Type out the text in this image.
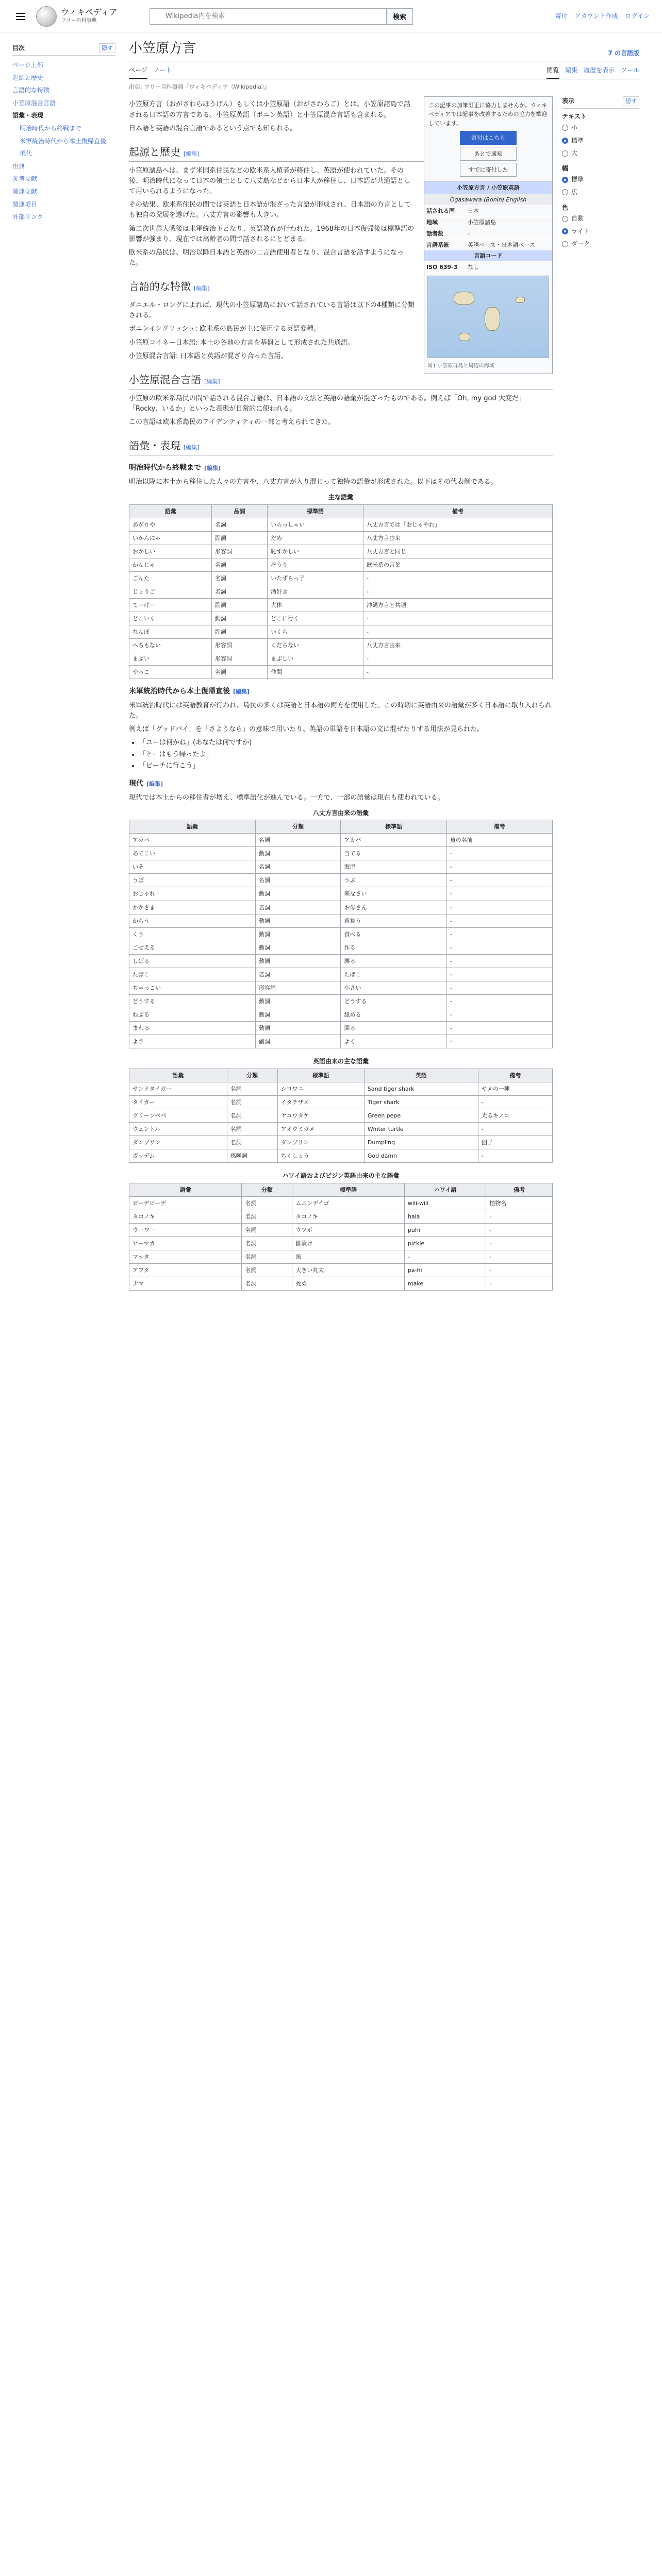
ウィキペディア
フリー百科事典
Wikipedia内を検索	検索	寄付 アカウント作成 ログイン
目次	隠す
ページ上部
起源と歴史
言語的な特徴
小笠原混合言語
語彙・表現
明治時代から終戦まで
米軍統治時代から本土復帰直後
現代
出典
参考文献
関連文献
関連項目
外部リンク
小笠原方言	7 の言語版
ページ ノート	閲覧 編集 履歴を表示 ツール
出典: フリー百科事典『ウィキペディア（Wikipedia）』
この記事の加筆訂正に協力しませんか。ウィキペディアでは記事を改善するための協力を歓迎しています。
寄付はこちら
あとで通知
すでに寄付した
小笠原方言 / 小笠原英語
Ogasawara (Bonin) English
話される国	日本
地域	小笠原諸島
話者数	-
言語系統	英語ベース・日本語ベース
言語コード
ISO 639-3	なし
図1 小笠原群島と周辺の海域

小笠原方言（おがさわらほうげん）もしくは小笠原語（おがさわらご）とは、小笠原諸島で話される日本語の方言である。小笠原英語（ボニン英語）と小笠原混合言語も含まれる。

日本語と英語の混合言語であるという点でも知られる。

起源と歴史 [編集]

小笠原諸島へは、まず米国系住民などの欧米系入植者が移住し、英語が使われていた。その後、明治時代になって日本の領土として八丈島などから日本人が移住し、日本語が共通語として用いられるようになった。

その結果、欧米系住民の間では英語と日本語が混ざった言語が形成され、日本語の方言としても独自の発展を遂げた。八丈方言の影響も大きい。

第二次世界大戦後は米軍統治下となり、英語教育が行われた。1968年の日本復帰後は標準語の影響が強まり、現在では高齢者の間で話されるにとどまる。

欧米系の島民は、明治以降日本語と英語の二言語使用者となり、混合言語を話すようになった。

言語的な特徴 [編集]

ダニエル・ロングによれば、現代の小笠原諸島において話されている言語は以下の4種類に分類される。

ボニンイングリッシュ: 欧米系の島民が主に使用する英語変種。

小笠原コイネー日本語: 本土の各地の方言を基盤として形成された共通語。

小笠原混合言語: 日本語と英語が混ざり合った言語。

小笠原混合言語 [編集]

小笠原の欧米系島民の間で話される混合言語は、日本語の文法と英語の語彙が混ざったものである。例えば「Oh, my god 大変だ」「Rocky、いるか」といった表現が日常的に使われる。

この言語は欧米系島民のアイデンティティの一部と考えられてきた。

語彙・表現 [編集]
明治時代から終戦まで [編集]

明治以降に本土から移住した人々の方言や、八丈方言が入り混じって独特の語彙が形成された。以下はその代表例である。

主な語彙
語彙	品詞	標準語	備考
あがりや	名詞	いらっしゃい	八丈方言では「おじゃやれ」
いかんにゃ	副詞	だめ	八丈方言由来
おかしい	形容詞	恥ずかしい	八丈方言と同じ
かんじゃ	名詞	ぞうり	欧米系の言葉
ごんた	名詞	いたずらっ子	-
じょうご	名詞	酒好き	-
てーげー	副詞	大体	沖縄方言と共通
どこいく	動詞	どこに行く	-
なんぼ	副詞	いくら	-
へちもない	形容詞	くだらない	八丈方言由来
まぶい	形容詞	まぶしい	-
やっこ	名詞	仲間	-
米軍統治時代から本土復帰直後 [編集]

米軍統治時代には英語教育が行われ、島民の多くは英語と日本語の両方を使用した。この時期に英語由来の語彙が多く日本語に取り入れられた。

例えば「グッドバイ」を「さようなら」の意味で用いたり、英語の単語を日本語の文に混ぜたりする用法が見られた。

• 「ユーは何かね」(あなたは何ですか)
• 「ヒーはもう帰ったよ」
• 「ビーチに行こう」
現代 [編集]

現代では本土からの移住者が増え、標準語化が進んでいる。一方で、一部の語彙は現在も使われている。

八丈方言由来の語彙
語彙	分類	標準語	備考
アカバ	名詞	アカバ	魚の名前
あてこい	動詞	当てる	-
いそ	名詞	海岸	-
うぼ	名詞	うぶ	-
おじゃれ	動詞	来なさい	-
かかさま	名詞	お母さん	-
からう	動詞	背負う	-
くう	動詞	食べる	-
ごせえる	動詞	作る	-
しばる	動詞	縛る	-
たばこ	名詞	たばこ	-
ちゃっこい	形容詞	小さい	-
どうする	動詞	どうする	-
ねぶる	動詞	舐める	-
まわる	動詞	回る	-
よう	副詞	よく	-
英語由来の主な語彙
語彙	分類	標準語	英語	備考
サンドタイガー	名詞	シロワニ	Sand tiger shark	サメの一種
タイガー	名詞	イタチザメ	Tiger shark	-
グリーンペペ	名詞	ヤコウタケ	Green pepe	光るキノコ
ウェントル	名詞	アオウミガメ	Winter turtle	-
ダンブリン	名詞	ダンブリン	Dumpling	団子
ガッデム	感嘆詞	ちくしょう	God damn	-
ハワイ語およびピジン英語由来の主な語彙
語彙	分類	標準語	ハワイ語	備考
ビーデビーデ	名詞	ムニンデイゴ	wili-wili	植物名
タコノキ	名詞	タコノキ	hala	-
ウーワー	名詞	ウツボ	puhi	-
ピーマカ	名詞	酢漬け	pickle	-
マッタ	名詞	魚	-	-
アフタ	名詞	大きい丸太	pa-hi	-
ナマ	名詞	死ぬ	make	-
表示	隠す
テキスト
小
標準
大
幅
標準
広
色
自動
ライト
ダーク
